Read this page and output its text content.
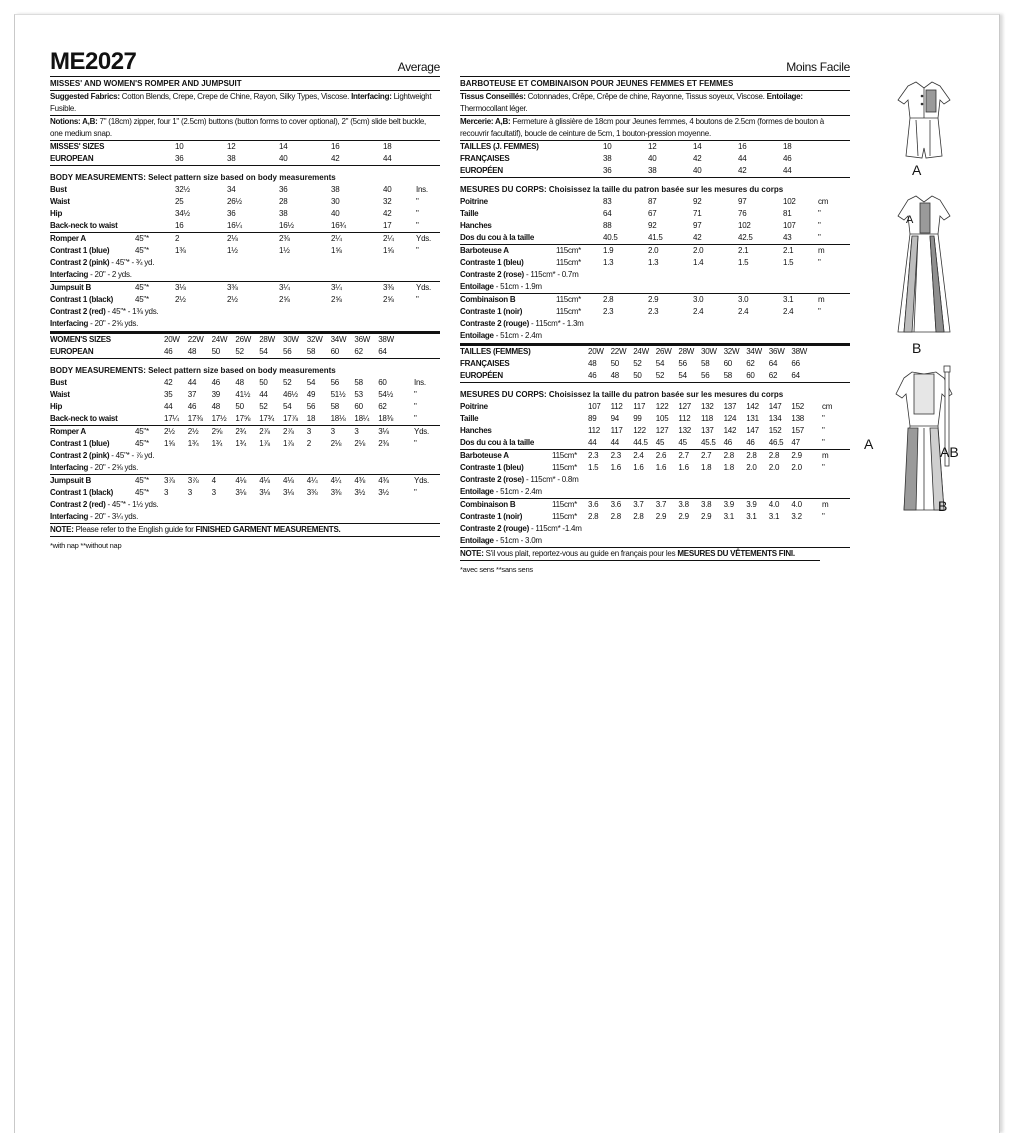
ME2027	Average
MISSES' AND WOMEN'S ROMPER AND JUMPSUIT
Suggested Fabrics: Cotton Blends, Crepe, Crepe de Chine, Rayon, Silky Types, Viscose. Interfacing: Lightweight Fusible.
Notions: A,B: 7" (18cm) zipper, four 1" (2.5cm) buttons (button forms to cover optional), 2" (5cm) slide belt buckle, one medium snap.
MISSES' SIZES	10	12	14	16	18
EUROPEAN	36	38	40	42	44
BODY MEASUREMENTS: Select pattern size based on body measurements
Bust	32½	34	36	38	40	Ins.
Waist	25	26½	28	30	32	"
Hip	34½	36	38	40	42	"
Back-neck to waist	16	16¼	16½	16¾	17	"
Romper A	45"*	2	2⅛	2⅜	2¼	2¼	Yds.
Contrast 1 (blue)	45"*	1⅜	1½	1½	1⅝	1⅝	"
Contrast 2 (pink) - 45"* - ¾ yd.
Interfacing - 20" - 2 yds.
Jumpsuit B	45"*	3⅛	3⅜	3¼	3¼	3⅜	Yds.
Contrast 1 (black)	45"*	2½	2½	2⅝	2⅝	2⅝	"
Contrast 2 (red) - 45"* - 1⅜ yds.
Interfacing - 20" - 2⅝ yds.
WOMEN'S SIZES	20W 22W 24W 26W 28W 30W 32W 34W 36W 38W
EUROPEAN	46 48 50 52 54 56 58 60 62 64
BODY MEASUREMENTS: Select pattern size based on body measurements
Bust	42 44 46 48 50 52 54 56 58 60	Ins.
Waist	35 37 39 41½ 44 46½ 49 51½ 53 54½	"
Hip	44 46 48 50 52 54 56 58 60 62	"
Back-neck to waist	17¼ 17⅜ 17½ 17⅝ 17¾ 17⅞ 18 18⅛ 18¼ 18⅜	"
Romper A	45"* 2½ 2½ 2⅝ 2¾ 2⅞ 2⅞ 3 3 3 3⅛	Yds.
Contrast 1 (blue)	45"* 1⅝ 1¾ 1¾ 1¾ 1⅞ 1⅞ 2 2⅛ 2⅛ 2⅜	"
Contrast 2 (pink) - 45"* - ⅞ yd.
Interfacing - 20" - 2⅝ yds.
Jumpsuit B	45"* 3⅞ 3⅞ 4 4⅛ 4⅛ 4⅛ 4¼ 4¼ 4⅜ 4⅜	Yds.
Contrast 1 (black)	45"* 3 3 3 3⅛ 3⅛ 3⅛ 3⅜ 3⅜ 3½ 3½	"
Contrast 2 (red) - 45"* - 1½ yds.
Interfacing - 20" - 3¼ yds.
NOTE: Please refer to the English guide for FINISHED GARMENT MEASUREMENTS.
*with nap **without nap
Moins Facile
BARBOTEUSE ET COMBINAISON POUR JEUNES FEMMES ET FEMMES
Tissus Conseillés: Cotonnades, Crêpe, Crêpe de chine, Rayonne, Tissus soyeux, Viscose. Entoilage: Thermocollant léger.
Mercerie: A,B: Fermeture à glissière de 18cm pour Jeunes femmes, 4 boutons de 2.5cm (formes de bouton à recouvrir facultatif), boucle de ceinture de 5cm, 1 bouton-pression moyenne.
TAILLES (J. FEMMES)	10	12	14	16	18
FRANÇAISES	38	40	42	44	46
EUROPÉEN	36	38	40	42	44
MESURES DU CORPS: Choisissez la taille du patron basée sur les mesures du corps
Poitrine	83	87	92	97	102	cm
Taille	64	67	71	76	81	"
Hanches	88	92	97	102	107	"
Dos du cou à la taille	40.5	41.5	42	42.5	43	"
Barboteuse A	115cm*	1.9	2.0	2.0	2.1	2.1	m
Contraste 1 (bleu)	115cm*	1.3	1.3	1.4	1.5	1.5	"
Contraste 2 (rose) - 115cm* - 0.7m
Entoilage - 51cm - 1.9m
Combinaison B	115cm*	2.8	2.9	3.0	3.0	3.1	m
Contraste 1 (noir)	115cm*	2.3	2.3	2.4	2.4	2.4	"
Contraste 2 (rouge) - 115cm* - 1.3m
Entoilage - 51cm - 2.4m
TAILLES (FEMMES)	20W 22W 24W 26W 28W 30W 32W 34W 36W 38W
FRANÇAISES	48 50 52 54 56 58 60 62 64 66
EUROPÉEN	46 48 50 52 54 56 58 60 62 64
MESURES DU CORPS: Choisissez la taille du patron basée sur les mesures du corps
Poitrine	107 112 117 122 127 132 137 142 147 152 cm
Taille	89 94 99 105 112 118 124 131 134 138 "
Hanches	112 117 122 127 132 137 142 147 152 157 "
Dos du cou à la taille	44 44 44.5 45 45 45.5 46 46 46.5 47	"
Barboteuse A	115cm* 2.3 2.3 2.4 2.6 2.7 2.7 2.8 2.8 2.8 2.9	m
Contraste 1 (bleu)	115cm* 1.5 1.6 1.6 1.6 1.6 1.8 1.8 2.0 2.0 2.0	"
Contraste 2 (rose) - 115cm* - 0.8m
Entoilage - 51cm - 2.4m
Combinaison B	115cm* 3.6 3.6 3.7 3.7 3.8 3.8 3.9 3.9 4.0 4.0	m
Contraste 1 (noir)	115cm* 2.8 2.8 2.8 2.9 2.9 2.9 3.1 3.1 3.1 3.2	"
Contraste 2 (rouge) - 115cm* -1.4m
Entoilage - 51cm - 3.0m
NOTE: S'il vous plait, reportez-vous au guide en français pour les MESURES DU VÊTEMENTS FINI.
*avec sens **sans sens
A
B
A
A	AB
B
